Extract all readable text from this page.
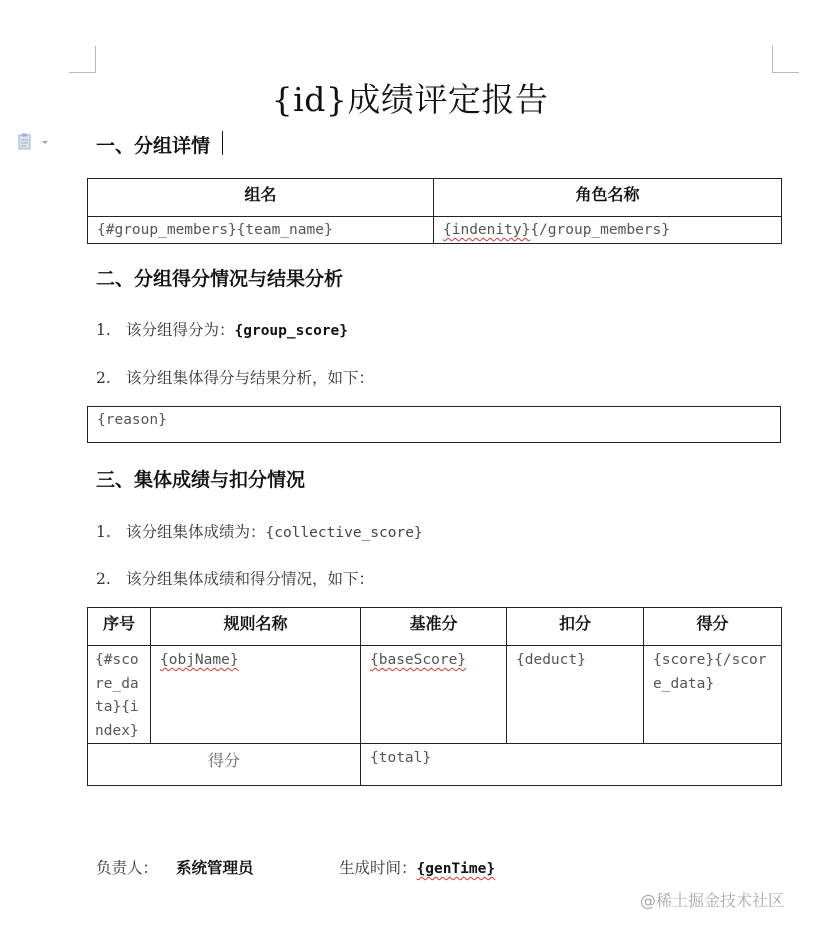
{id}成绩评定报告
一、分组详情
组名	角色名称
{#group_members}{team_name}	{indenity}{/group_members}
二、分组得分情况与结果分析
1. 该分组得分为：{group_score}
2. 该分组集体得分与结果分析，如下：
{reason}
三、集体成绩与扣分情况
1. 该分组集体成绩为：{collective_score}
2. 该分组集体成绩和得分情况，如下：
序号	规则名称	基准分	扣分	得分
{#score_data}{index}	{objName}	{baseScore}	{deduct}	{score}{/score_data}
得分		{total}		
负责人： 系统管理员	生成时间：{genTime}
@稀土掘金技术社区
